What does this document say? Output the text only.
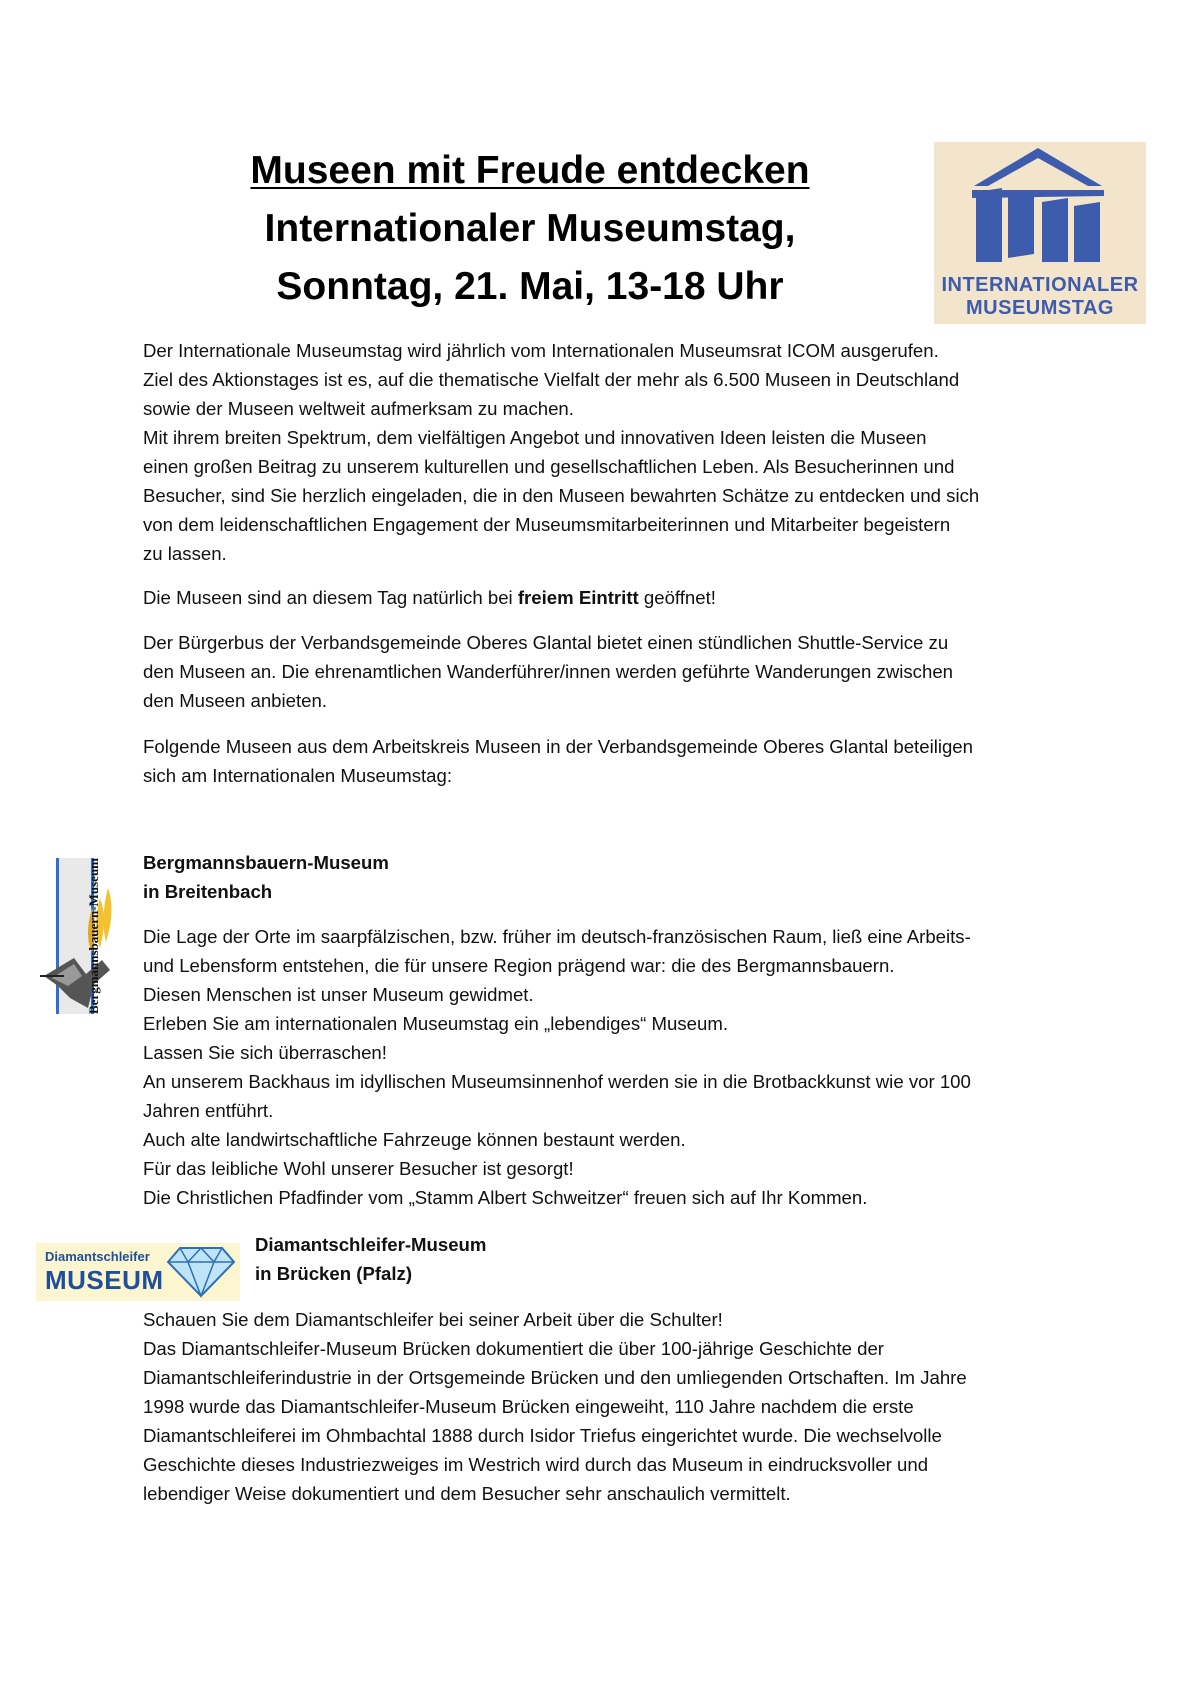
Museen mit Freude entdecken
Internationaler Museumstag,
Sonntag, 21. Mai, 13-18 Uhr	INTERNATIONALER
MUSEUMSTAG

Der Internationale Museumstag wird jährlich vom Internationalen Museumsrat ICOM ausgerufen.

Ziel des Aktionstages ist es, auf die thematische Vielfalt der mehr als 6.500 Museen in Deutschland

sowie der Museen weltweit aufmerksam zu machen.

Mit ihrem breiten Spektrum, dem vielfältigen Angebot und innovativen Ideen leisten die Museen

einen großen Beitrag zu unserem kulturellen und gesellschaftlichen Leben. Als Besucherinnen und

Besucher, sind Sie herzlich eingeladen, die in den Museen bewahrten Schätze zu entdecken und sich

von dem leidenschaftlichen Engagement der Museumsmitarbeiterinnen und Mitarbeiter begeistern

zu lassen.

Die Museen sind an diesem Tag natürlich bei freiem Eintritt geöffnet!

Der Bürgerbus der Verbandsgemeinde Oberes Glantal bietet einen stündlichen Shuttle-Service zu

den Museen an. Die ehrenamtlichen Wanderführer/innen werden geführte Wanderungen zwischen

den Museen anbieten.

Folgende Museen aus dem Arbeitskreis Museen in der Verbandsgemeinde Oberes Glantal beteiligen

sich am Internationalen Museumstag:

Bergmannsbauern-Museum Bergmannsbauern-Museum
in Breitenbach

Die Lage der Orte im saarpfälzischen, bzw. früher im deutsch-französischen Raum, ließ eine Arbeits-

und Lebensform entstehen, die für unsere Region prägend war: die des Bergmannsbauern.

Diesen Menschen ist unser Museum gewidmet.

Erleben Sie am internationalen Museumstag ein „lebendiges“ Museum.

Lassen Sie sich überraschen!

An unserem Backhaus im idyllischen Museumsinnenhof werden sie in die Brotbackkunst wie vor 100

Jahren entführt.

Auch alte landwirtschaftliche Fahrzeuge können bestaunt werden.

Für das leibliche Wohl unserer Besucher ist gesorgt!

Die Christlichen Pfadfinder vom „Stamm Albert Schweitzer“ freuen sich auf Ihr Kommen.

Diamantschleifer
MUSEUM
Diamantschleifer-Museum
in Brücken (Pfalz)

Schauen Sie dem Diamantschleifer bei seiner Arbeit über die Schulter!

Das Diamantschleifer-Museum Brücken dokumentiert die über 100-jährige Geschichte der

Diamantschleiferindustrie in der Ortsgemeinde Brücken und den umliegenden Ortschaften. Im Jahre

1998 wurde das Diamantschleifer-Museum Brücken eingeweiht, 110 Jahre nachdem die erste

Diamantschleiferei im Ohmbachtal 1888 durch Isidor Triefus eingerichtet wurde. Die wechselvolle

Geschichte dieses Industriezweiges im Westrich wird durch das Museum in eindrucksvoller und

lebendiger Weise dokumentiert und dem Besucher sehr anschaulich vermittelt.
